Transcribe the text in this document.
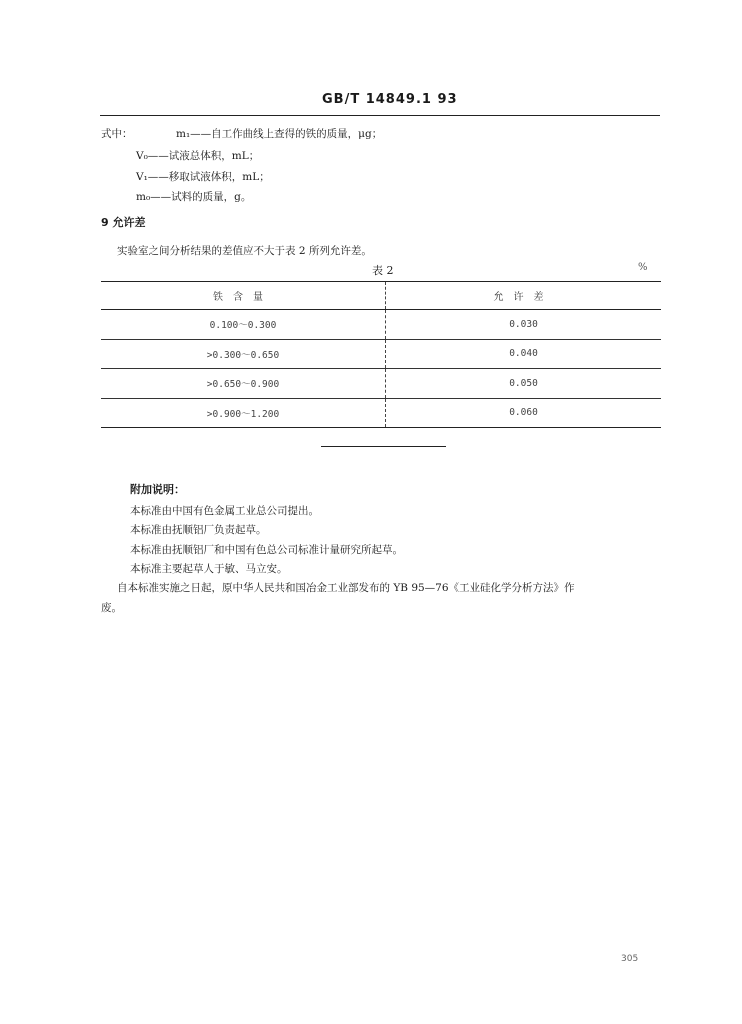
GB/T 14849.1 93
式中：	m₁——自工作曲线上查得的铁的质量，μg；
V₀——试液总体积，mL；
V₁——移取试液体积，mL；
m₀——试料的质量，g。
9 允许差
实验室之间分析结果的差值应不大于表 2 所列允许差。
表 2	%
铁含量	允许差
0.100～0.300	0.030
>0.300～0.650	0.040
>0.650～0.900	0.050
>0.900～1.200	0.060
附加说明：
本标准由中国有色金属工业总公司提出。
本标准由抚顺铝厂负责起草。
本标准由抚顺铝厂和中国有色总公司标准计量研究所起草。
本标准主要起草人于敏、马立安。
自本标准实施之日起，原中华人民共和国冶金工业部发布的 YB 95—76《工业硅化学分析方法》作
废。
305
